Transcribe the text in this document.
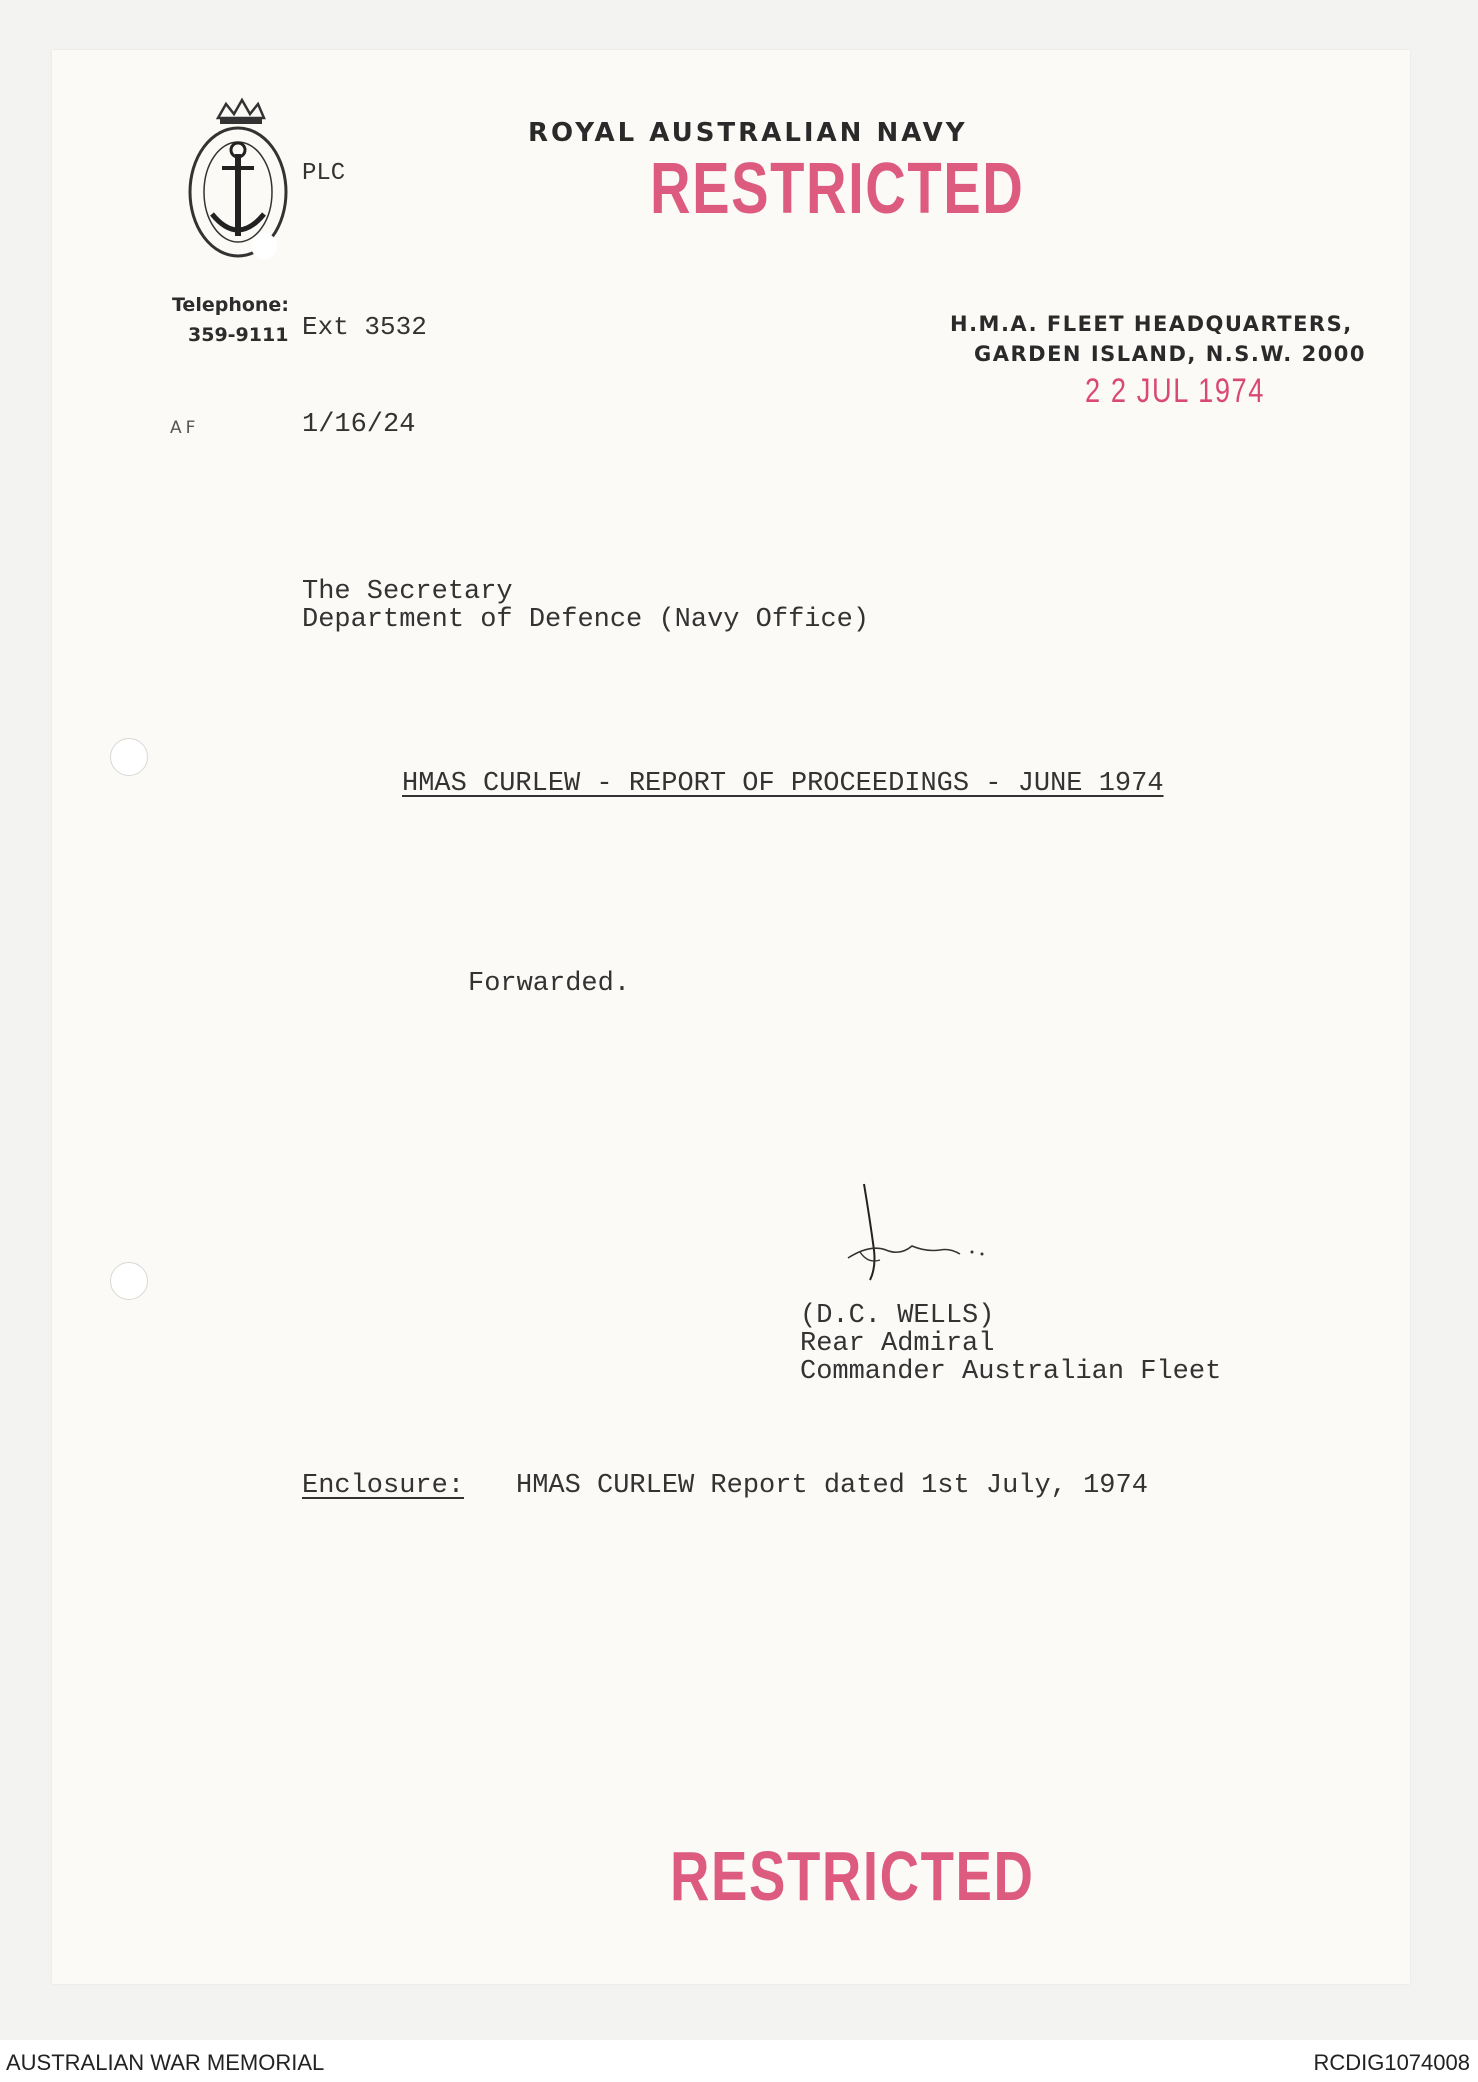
ROYAL AUSTRALIAN NAVY
RESTRICTED
PLC
Telephone:
359-9111 Ext 3532	H.M.A. FLEET HEADQUARTERS,
GARDEN ISLAND, N.S.W. 2000
2 2 JUL 1974
AF	1/16/24
The Secretary
Department of Defence (Navy Office)
HMAS CURLEW - REPORT OF PROCEEDINGS - JUNE 1974
Forwarded.
(D.C. WELLS)
Rear Admiral
Commander Australian Fleet
Enclosure: HMAS CURLEW Report dated 1st July, 1974
RESTRICTED
AUSTRALIAN WAR MEMORIAL	RCDIG1074008
